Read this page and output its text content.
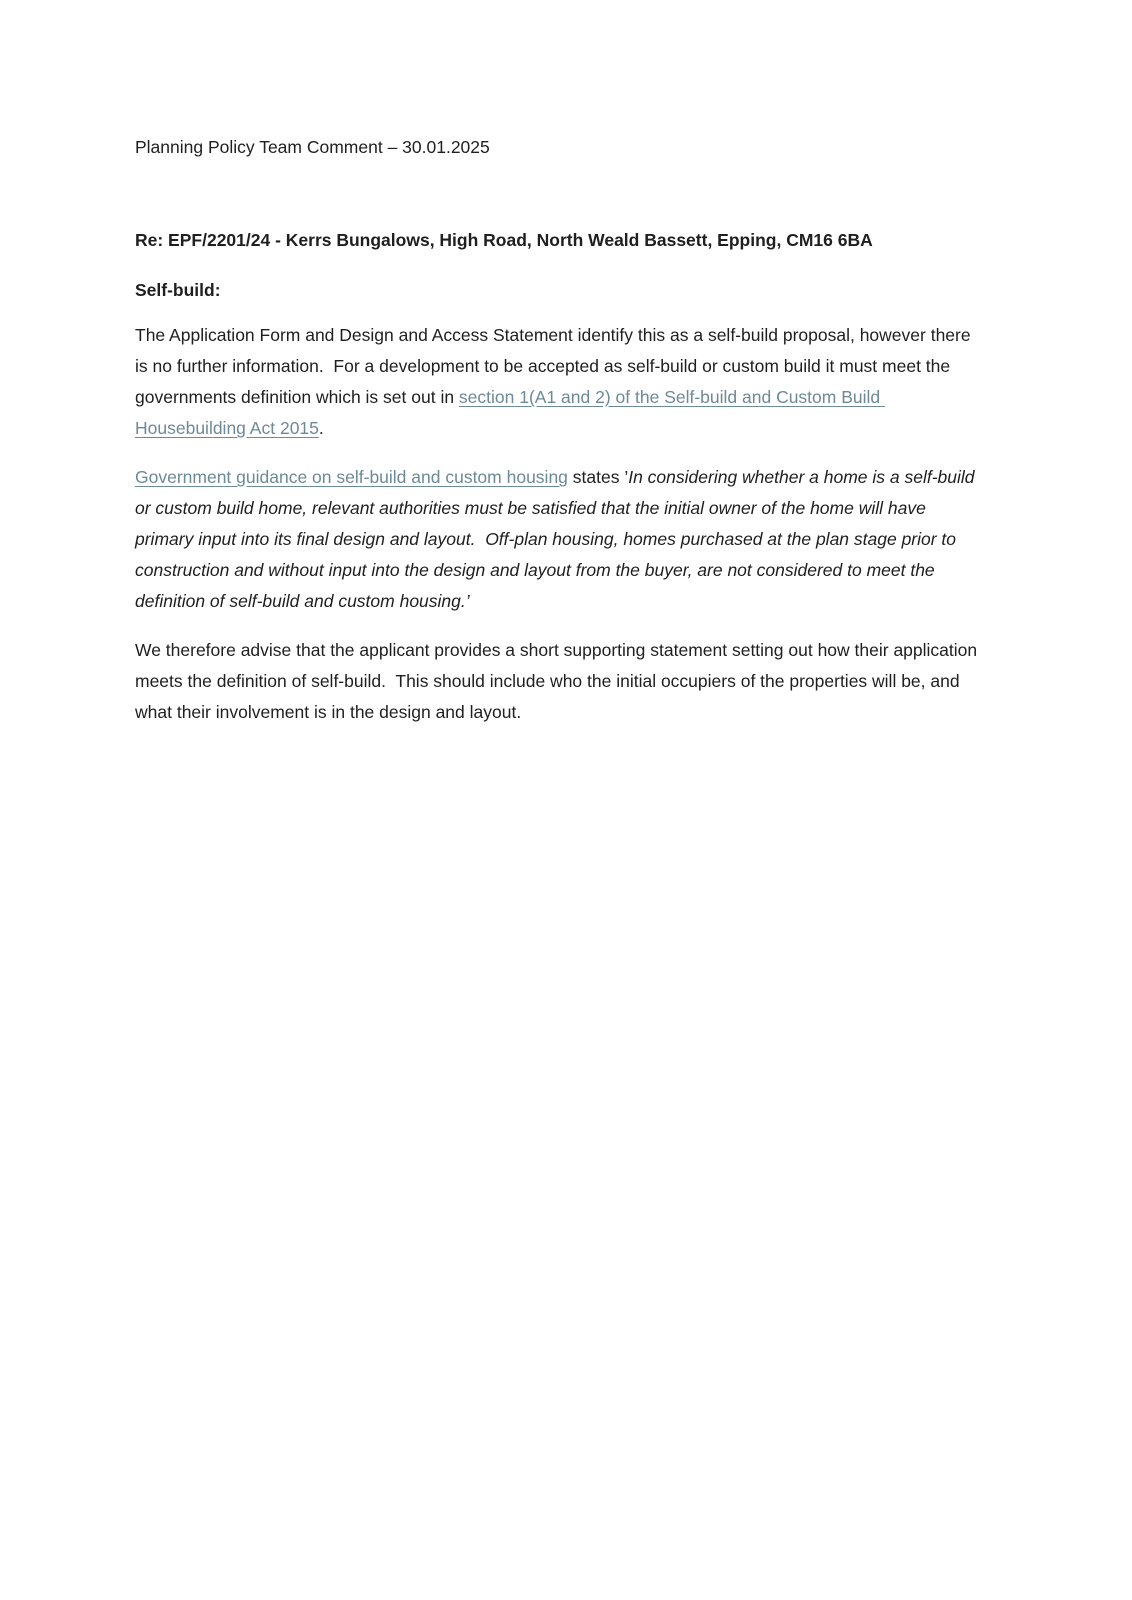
Planning Policy Team Comment – 30.01.2025
Re: EPF/2201/24 - Kerrs Bungalows, High Road, North Weald Bassett, Epping, CM16 6BA
Self-build:

The Application Form and Design and Access Statement identify this as a self-build proposal, however there is no further information.  For a development to be accepted as self-build or custom build it must meet the governments definition which is set out in section 1(A1 and 2) of the Self-build and Custom Build Housebuilding Act 2015.

Government guidance on self-build and custom housing states ’In considering whether a home is a self-build or custom build home, relevant authorities must be satisfied that the initial owner of the home will have primary input into its final design and layout.  Off-plan housing, homes purchased at the plan stage prior to construction and without input into the design and layout from the buyer, are not considered to meet the definition of self-build and custom housing.’

We therefore advise that the applicant provides a short supporting statement setting out how their application meets the definition of self-build.  This should include who the initial occupiers of the properties will be, and what their involvement is in the design and layout.
